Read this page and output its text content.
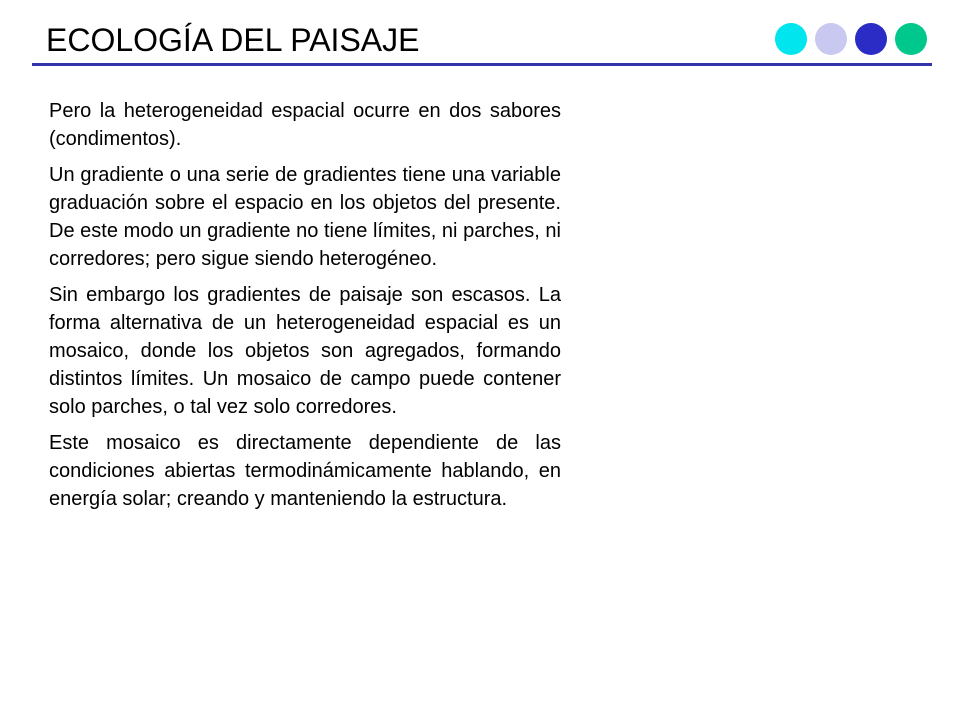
ECOLOGÍA DEL PAISAJE

Pero la heterogeneidad espacial ocurre en dos sabores (condimentos).

Un gradiente o una serie de gradientes tiene una variable graduación sobre el espacio en los objetos del presente. De este modo un gradiente no tiene límites, ni parches, ni corredores; pero sigue siendo heterogéneo.

Sin embargo los gradientes de paisaje son escasos. La forma alternativa de un heterogeneidad espacial es un mosaico, donde los objetos son agregados, formando distintos límites. Un mosaico de campo puede contener solo parches, o tal vez solo corredores.

Este mosaico es directamente dependiente de las condiciones abiertas termodinámicamente hablando, en energía solar; creando y manteniendo la estructura.
